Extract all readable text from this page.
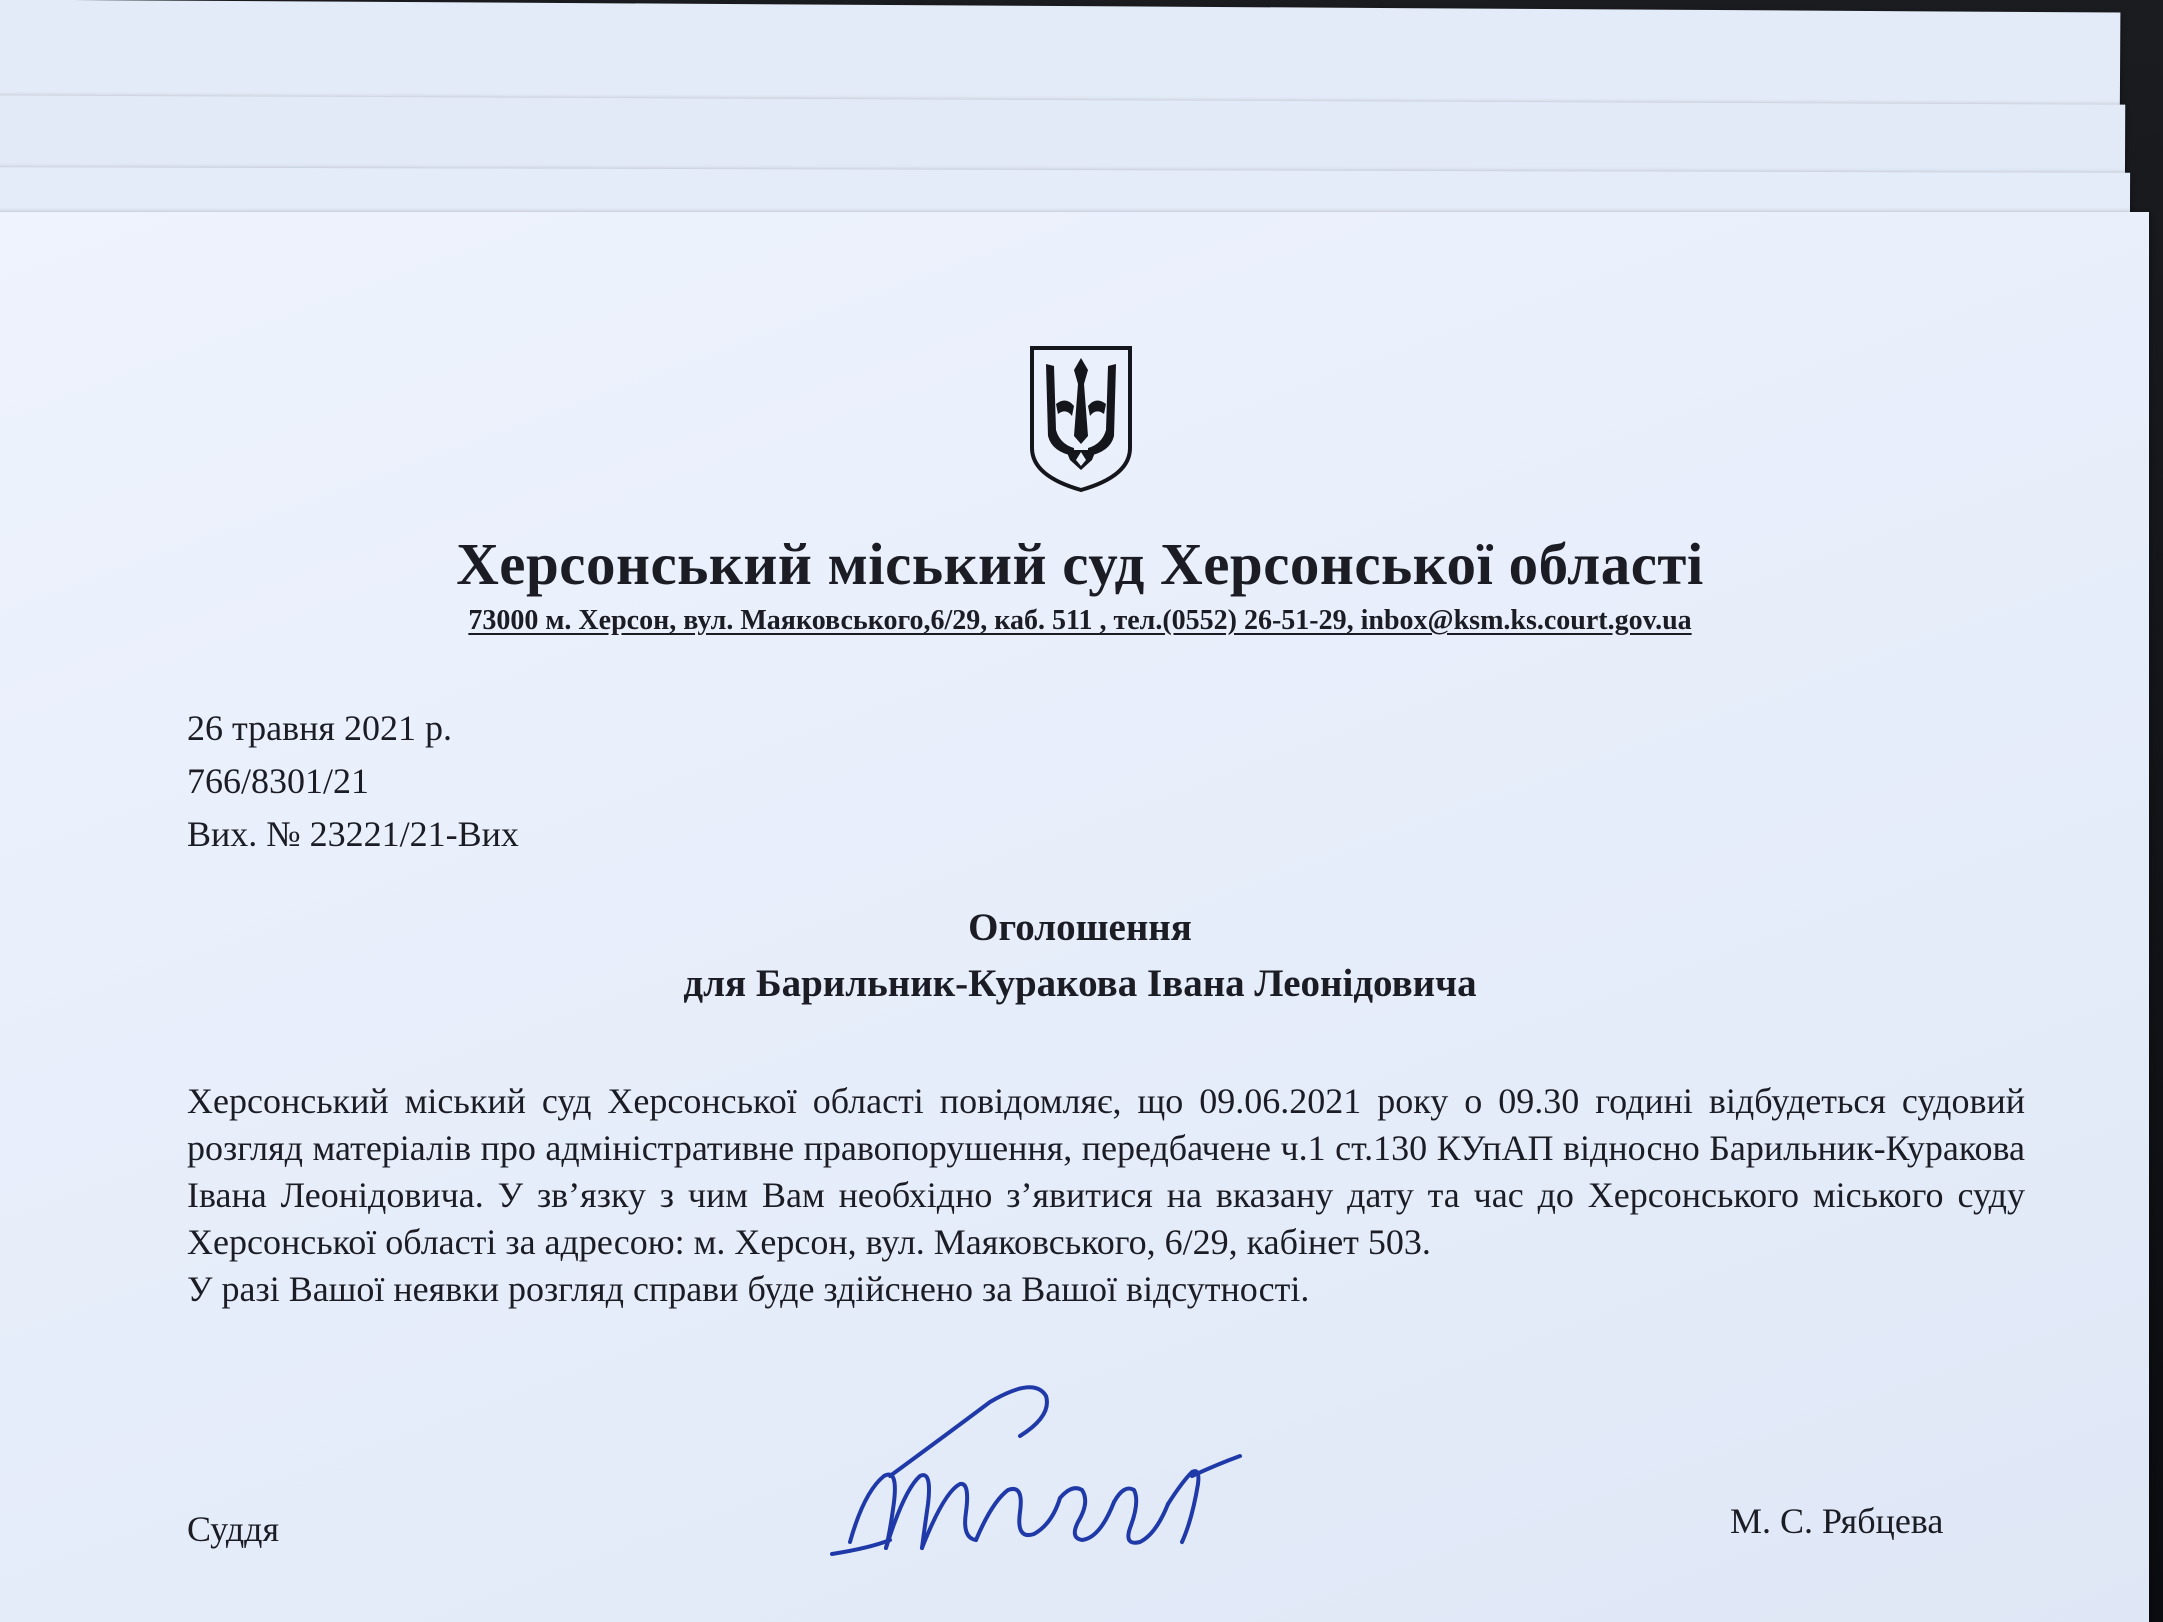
Херсонський міський суд Херсонської області
73000 м. Херсон, вул. Маяковського,6/29, каб. 511 , тел.(0552) 26-51-29, inbox@ksm.ks.court.gov.ua
26 травня 2021 р.
766/8301/21
Вих. № 23221/21-Вих
Оголошення
для Барильник-Куракова Івана Леонідовича

Херсонський міський суд Херсонської області повідомляє, що 09.06.2021 року о 09.30 годині відбудеться судовий розгляд матеріалів про адміністративне правопорушення, передбачене ч.1 ст.130 КУпАП відносно Барильник-Куракова Івана Леонідовича. У зв’язку з чим Вам необхідно з’явитися на вказану дату та час до Херсонського міського суду Херсонської області за адресою: м. Херсон, вул. Маяковського, 6/29, кабінет 503.

У разі Вашої неявки розгляд справи буде здійснено за Вашої відсутності.

Суддя	М. С. Рябцева
